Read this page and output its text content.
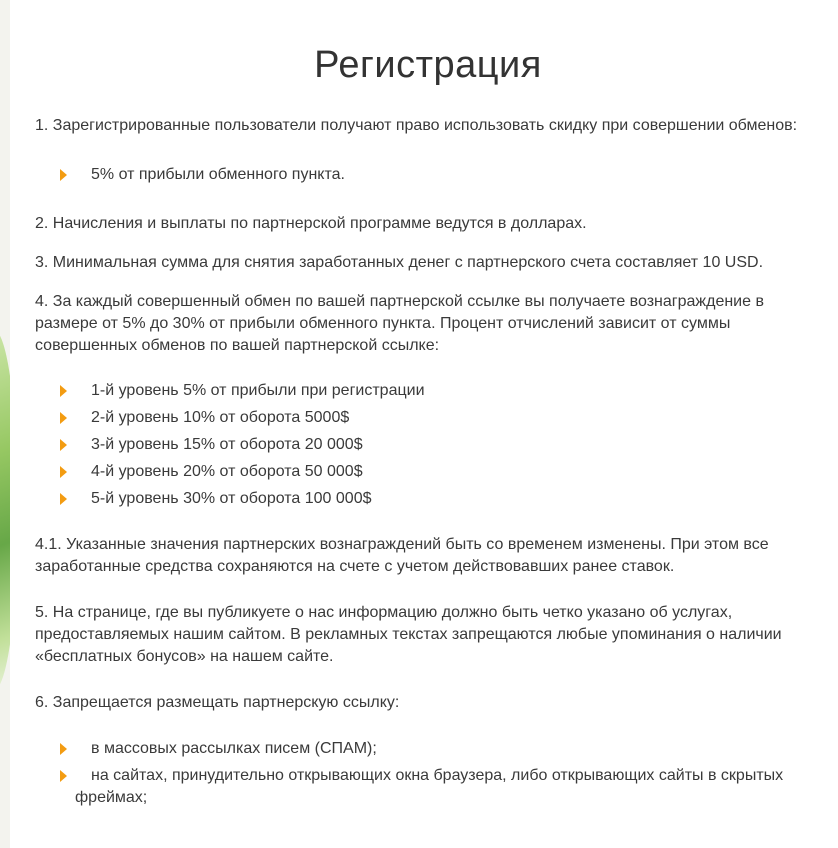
Регистрация

1. Зарегистрированные пользователи получают право использовать скидку при совершении обменов:

5% от прибыли обменного пункта.

2. Начисления и выплаты по партнерской программе ведутся в долларах.

3. Минимальная сумма для снятия заработанных денег с партнерского счета составляет 10 USD.

4. За каждый совершенный обмен по вашей партнерской ссылке вы получаете вознаграждение в размере от 5% до 30% от прибыли обменного пункта. Процент отчислений зависит от суммы совершенных обменов по вашей партнерской ссылке:

1-й уровень 5% от прибыли при регистрации
2-й уровень 10% от оборота 5000$
3-й уровень 15% от оборота 20 000$
4-й уровень 20% от оборота 50 000$
5-й уровень 30% от оборота 100 000$

4.1. Указанные значения партнерских вознаграждений быть со временем изменены. При этом все заработанные средства сохраняются на счете с учетом действовавших ранее ставок.

5. На странице, где вы публикуете о нас информацию должно быть четко указано об услугах, предоставляемых нашим сайтом. В рекламных текстах запрещаются любые упоминания о наличии «бесплатных бонусов» на нашем сайте.

6. Запрещается размещать партнерскую ссылку:

в массовых рассылках писем (СПАМ);
на сайтах, принудительно открывающих окна браузера, либо открывающих сайты в скрытых фреймах;
